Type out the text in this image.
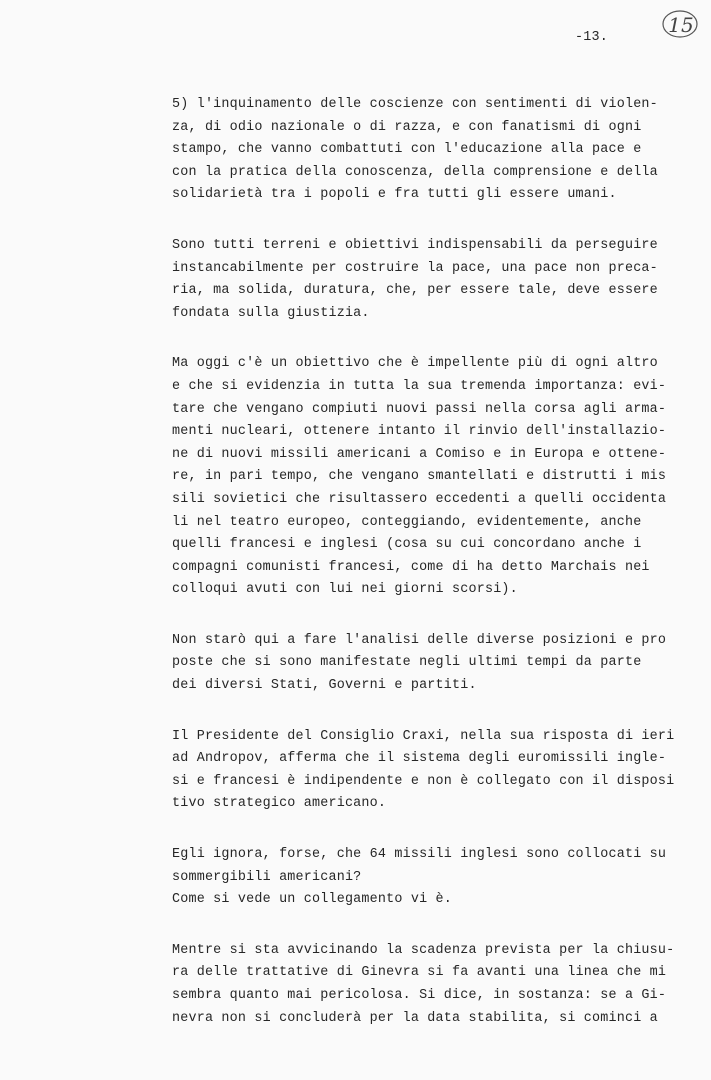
-13.
15
5) l'inquinamento delle coscienze con sentimenti di violen-
za, di odio nazionale o di razza, e con fanatismi di ogni
stampo, che vanno combattuti con l'educazione alla pace e
con la pratica della conoscenza, della comprensione e della
solidarietà tra i popoli e fra tutti gli essere umani.
Sono tutti terreni e obiettivi indispensabili da perseguire
instancabilmente per costruire la pace, una pace non preca-
ria, ma solida, duratura, che, per essere tale, deve essere
fondata sulla giustizia.
Ma oggi c'è un obiettivo che è impellente più di ogni altro
e che si evidenzia in tutta la sua tremenda importanza: evi-
tare che vengano compiuti nuovi passi nella corsa agli arma-
menti nucleari, ottenere intanto il rinvio dell'installazio-
ne di nuovi missili americani a Comiso e in Europa e ottene-
re, in pari tempo, che vengano smantellati e distrutti i mis
sili sovietici che risultassero eccedenti a quelli occidenta
li nel teatro europeo, conteggiando, evidentemente, anche
quelli francesi e inglesi (cosa su cui concordano anche i
compagni comunisti francesi, come di ha detto Marchais nei
colloqui avuti con lui nei giorni scorsi).
Non starò qui a fare l'analisi delle diverse posizioni e pro
poste che si sono manifestate negli ultimi tempi da parte
dei diversi Stati, Governi e partiti.
Il Presidente del Consiglio Craxi, nella sua risposta di ieri
ad Andropov, afferma che il sistema degli euromissili ingle-
si e francesi è indipendente e non è collegato con il disposi
tivo strategico americano.
Egli ignora, forse, che 64 missili inglesi sono collocati su
sommergibili americani?
Come si vede un collegamento vi è.
Mentre si sta avvicinando la scadenza prevista per la chiusu-
ra delle trattative di Ginevra si fa avanti una linea che mi
sembra quanto mai pericolosa. Si dice, in sostanza: se a Gi-
nevra non si concluderà per la data stabilita, si cominci a
